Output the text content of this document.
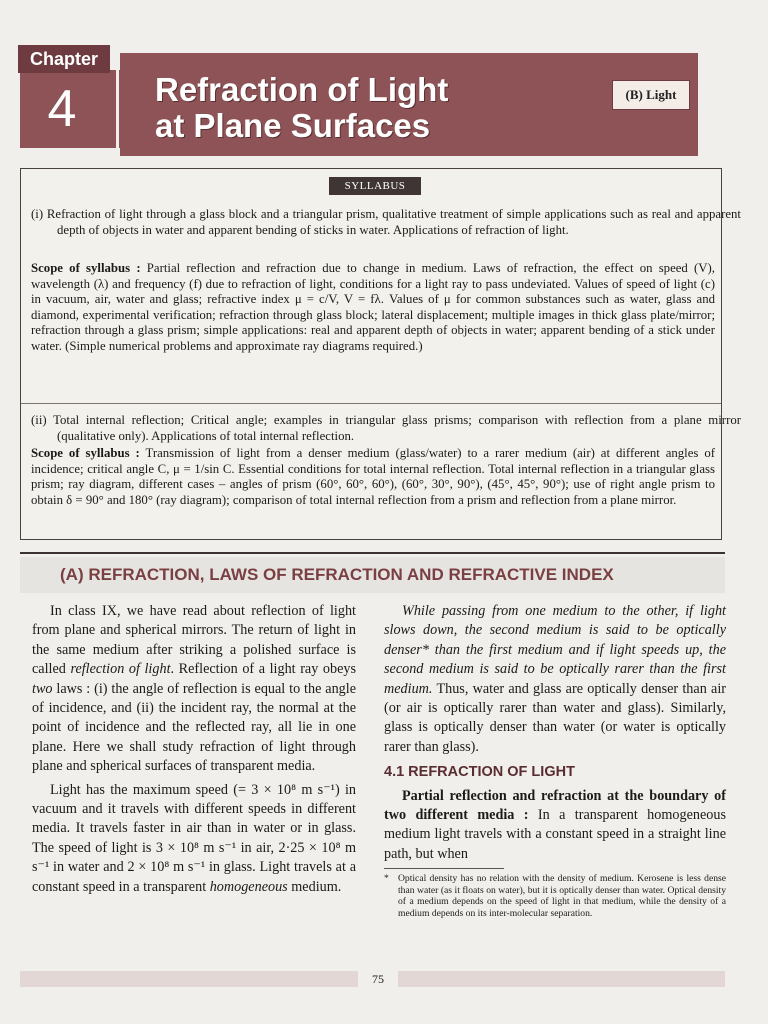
Chapter
4	Refraction of Light
at Plane Surfaces
(B) Light
SYLLABUS
(i) Refraction of light through a glass block and a triangular prism, qualitative treatment of simple applications such as real and apparent depth of objects in water and apparent bending of sticks in water. Applications of refraction of light.
Scope of syllabus : Partial reflection and refraction due to change in medium. Laws of refraction, the effect on speed (V), wavelength (λ) and frequency (f) due to refraction of light, conditions for a light ray to pass undeviated. Values of speed of light (c) in vacuum, air, water and glass; refractive index μ = c/V, V = fλ. Values of μ for common substances such as water, glass and diamond, experimental verification; refraction through glass block; lateral displacement; multiple images in thick glass plate/mirror; refraction through a glass prism; simple applications: real and apparent depth of objects in water; apparent bending of a stick under water. (Simple numerical problems and approximate ray diagrams required.)
(ii) Total internal reflection; Critical angle; examples in triangular glass prisms; comparison with reflection from a plane mirror (qualitative only). Applications of total internal reflection.
Scope of syllabus : Transmission of light from a denser medium (glass/water) to a rarer medium (air) at different angles of incidence; critical angle C, μ = 1/sin C. Essential conditions for total internal reflection. Total internal reflection in a triangular glass prism; ray diagram, different cases – angles of prism (60°, 60°, 60°), (60°, 30°, 90°), (45°, 45°, 90°); use of right angle prism to obtain δ = 90° and 180° (ray diagram); comparison of total internal reflection from a prism and reflection from a plane mirror.
(A) REFRACTION, LAWS OF REFRACTION AND REFRACTIVE INDEX

In class IX, we have read about reflection of light from plane and spherical mirrors. The return of light in the same medium after striking a polished surface is called reflection of light. Reflection of a light ray obeys two laws : (i) the angle of reflection is equal to the angle of incidence, and (ii) the incident ray, the normal at the point of incidence and the reflected ray, all lie in one plane. Here we shall study refraction of light through plane and spherical surfaces of transparent media.

Light has the maximum speed (= 3 × 10⁸ m s⁻¹) in vacuum and it travels with different speeds in different media. It travels faster in air than in water or in glass. The speed of light is 3 × 10⁸ m s⁻¹ in air, 2·25 × 10⁸ m s⁻¹ in water and 2 × 10⁸ m s⁻¹ in glass. Light travels at a constant speed in a transparent homogeneous medium.

While passing from one medium to the other, if light slows down, the second medium is said to be optically denser* than the first medium and if light speeds up, the second medium is said to be optically rarer than the first medium. Thus, water and glass are optically denser than air (or air is optically rarer than water and glass). Similarly, glass is optically denser than water (or water is optically rarer than glass).

4.1 REFRACTION OF LIGHT

Partial reflection and refraction at the boundary of two different media : In a transparent homogeneous medium light travels with a constant speed in a straight line path, but when

* Optical density has no relation with the density of medium. Kerosene is less dense than water (as it floats on water), but it is optically denser than water. Optical density of a medium depends on the speed of light in that medium, while the density of a medium depends on its inter-molecular separation.
75
